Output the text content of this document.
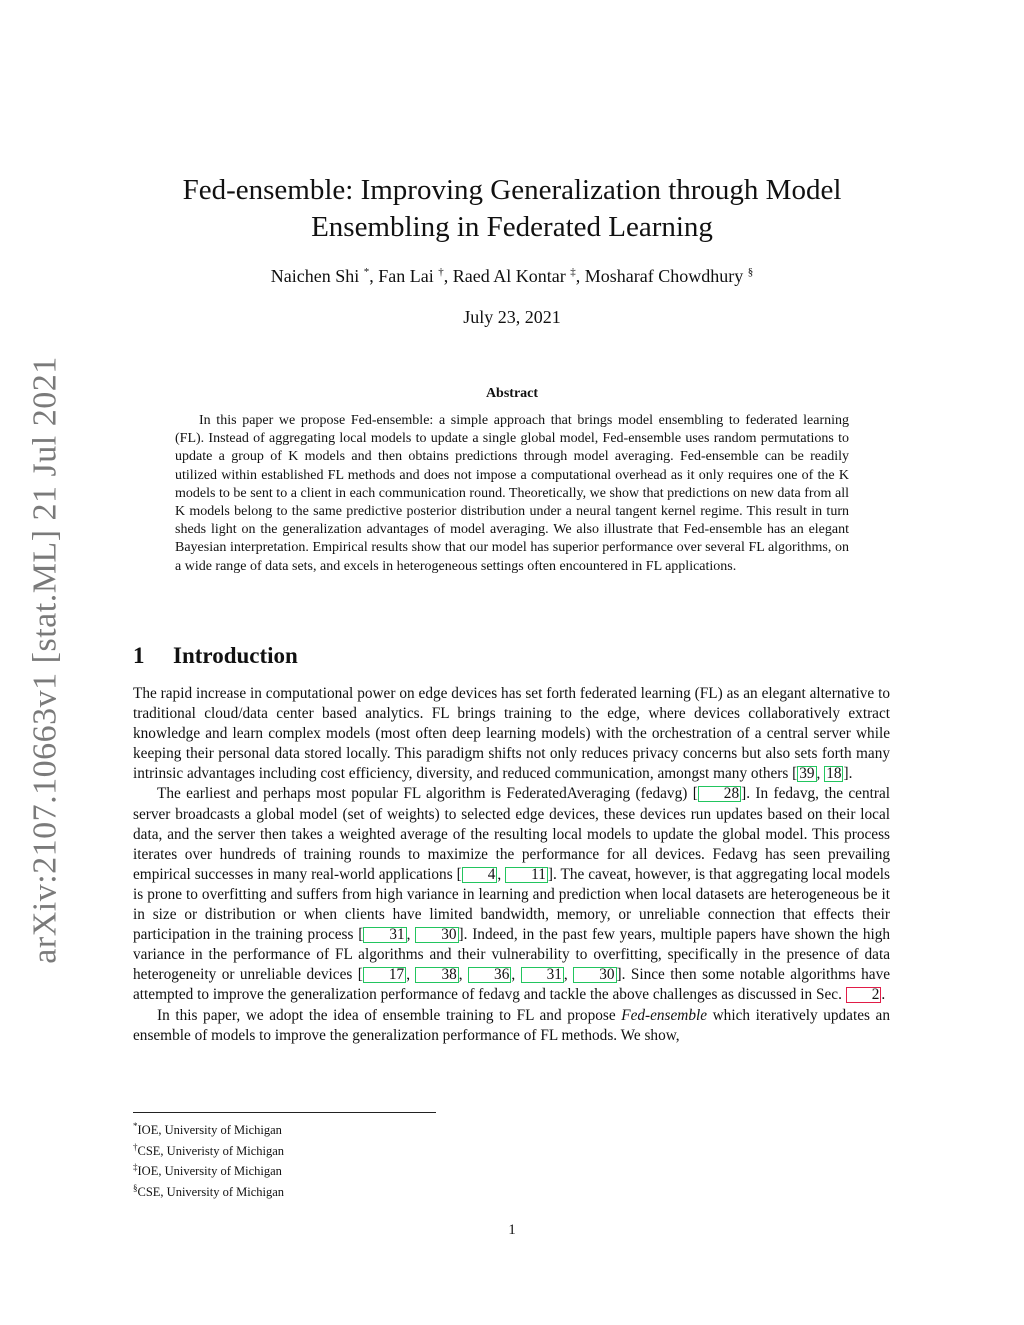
arXiv:2107.10663v1 [stat.ML] 21 Jul 2021
Fed-ensemble: Improving Generalization through Model
Ensembling in Federated Learning
Naichen Shi *, Fan Lai †, Raed Al Kontar ‡, Mosharaf Chowdhury §
July 23, 2021
Abstract
In this paper we propose Fed-ensemble: a simple approach that brings model ensembling to federated learning (FL). Instead of aggregating local models to update a single global model, Fed-ensemble uses random permutations to update a group of K models and then obtains predictions through model averaging. Fed-ensemble can be readily utilized within established FL methods and does not impose a computational overhead as it only requires one of the K models to be sent to a client in each communication round. Theoretically, we show that predictions on new data from all K models belong to the same predictive posterior distribution under a neural tangent kernel regime. This result in turn sheds light on the generalization advantages of model averaging. We also illustrate that Fed-ensemble has an elegant Bayesian interpretation. Empirical results show that our model has superior performance over several FL algorithms, on a wide range of data sets, and excels in heterogeneous settings often encountered in FL applications.
1 Introduction

The rapid increase in computational power on edge devices has set forth federated learning (FL) as an elegant alternative to traditional cloud/data center based analytics. FL brings training to the edge, where devices collaboratively extract knowledge and learn complex models (most often deep learning models) with the orchestration of a central server while keeping their personal data stored locally. This paradigm shifts not only reduces privacy concerns but also sets forth many intrinsic advantages including cost efficiency, diversity, and reduced communication, amongst many others [ 39 , 18 ].

The earliest and perhaps most popular FL algorithm is FederatedAveraging (fedavg) [ 28 ]. In fedavg, the central server broadcasts a global model (set of weights) to selected edge devices, these devices run updates based on their local data, and the server then takes a weighted average of the resulting local models to update the global model. This process iterates over hundreds of training rounds to maximize the performance for all devices. Fedavg has seen prevailing empirical successes in many real-world applications [ 4 , 11 ]. The caveat, however, is that aggregating local models is prone to overfitting and suffers from high variance in learning and prediction when local datasets are heterogeneous be it in size or distribution or when clients have limited bandwidth, memory, or unreliable connection that effects their participation in the training process [ 31 , 30 ]. Indeed, in the past few years, multiple papers have shown the high variance in the performance of FL algorithms and their vulnerability to overfitting, specifically in the presence of data heterogeneity or unreliable devices [ 17 , 38 , 36 , 31 , 30 ]. Since then some notable algorithms have attempted to improve the generalization performance of fedavg and tackle the above challenges as discussed in Sec. 2 .

In this paper, we adopt the idea of ensemble training to FL and propose Fed-ensemble which iteratively updates an ensemble of models to improve the generalization performance of FL methods. We show,

*IOE, University of Michigan
†CSE, Univeristy of Michigan
‡IOE, University of Michigan
§CSE, University of Michigan
1
